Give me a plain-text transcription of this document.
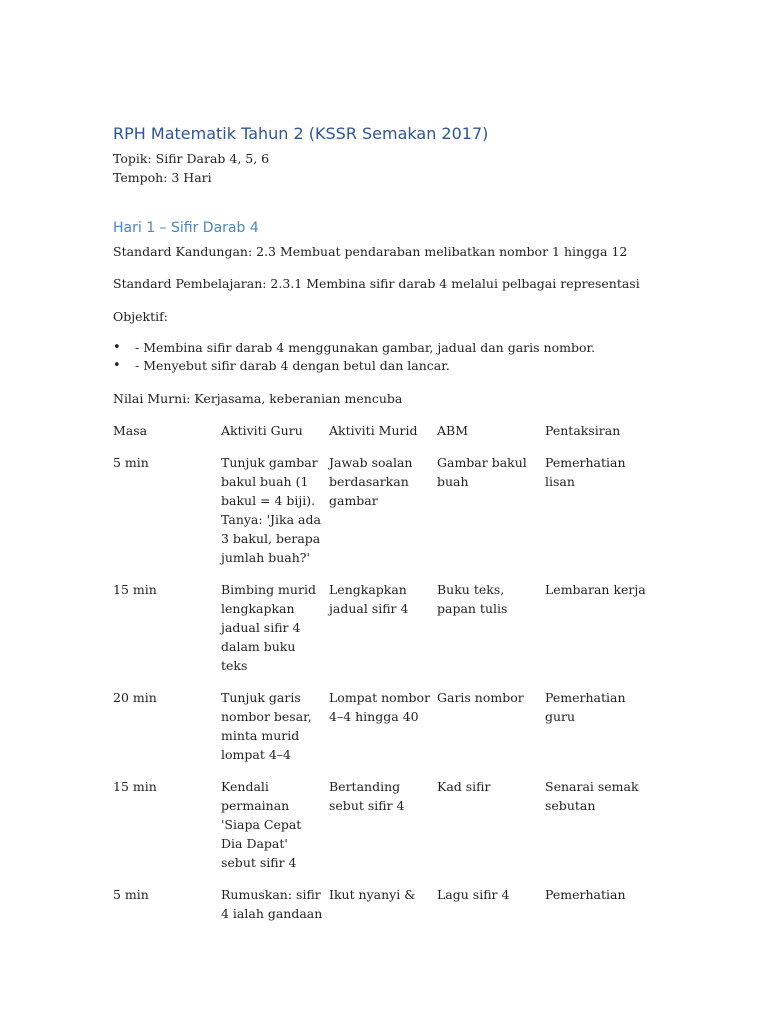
RPH Matematik Tahun 2 (KSSR Semakan 2017)

Topik: Sifir Darab 4, 5, 6

Tempoh: 3 Hari

Hari 1 – Sifir Darab 4

Standard Kandungan: 2.3 Membuat pendaraban melibatkan nombor 1 hingga 12

Standard Pembelajaran: 2.3.1 Membina sifir darab 4 melalui pelbagai representasi

Objektif:

• - Membina sifir darab 4 menggunakan gambar, jadual dan garis nombor.
• - Menyebut sifir darab 4 dengan betul dan lancar.

Nilai Murni: Kerjasama, keberanian mencuba

Masa	Aktiviti Guru	Aktiviti Murid	ABM	Pentaksiran
5 min	Tunjuk gambar bakul buah (1 bakul = 4 biji). Tanya: 'Jika ada 3 bakul, berapa jumlah buah?'	Jawab soalan berdasarkan gambar	Gambar bakul buah	Pemerhatian lisan
15 min	Bimbing murid lengkapkan jadual sifir 4 dalam buku teks	Lengkapkan jadual sifir 4	Buku teks, papan tulis	Lembaran kerja
20 min	Tunjuk garis nombor besar, minta murid lompat 4–4	Lompat nombor 4–4 hingga 40	Garis nombor	Pemerhatian guru
15 min	Kendali permainan 'Siapa Cepat Dia Dapat' sebut sifir 4	Bertanding sebut sifir 4	Kad sifir	Senarai semak sebutan
5 min	Rumuskan: sifir 4 ialah gandaan	Ikut nyanyi &	Lagu sifir 4	Pemerhatian
